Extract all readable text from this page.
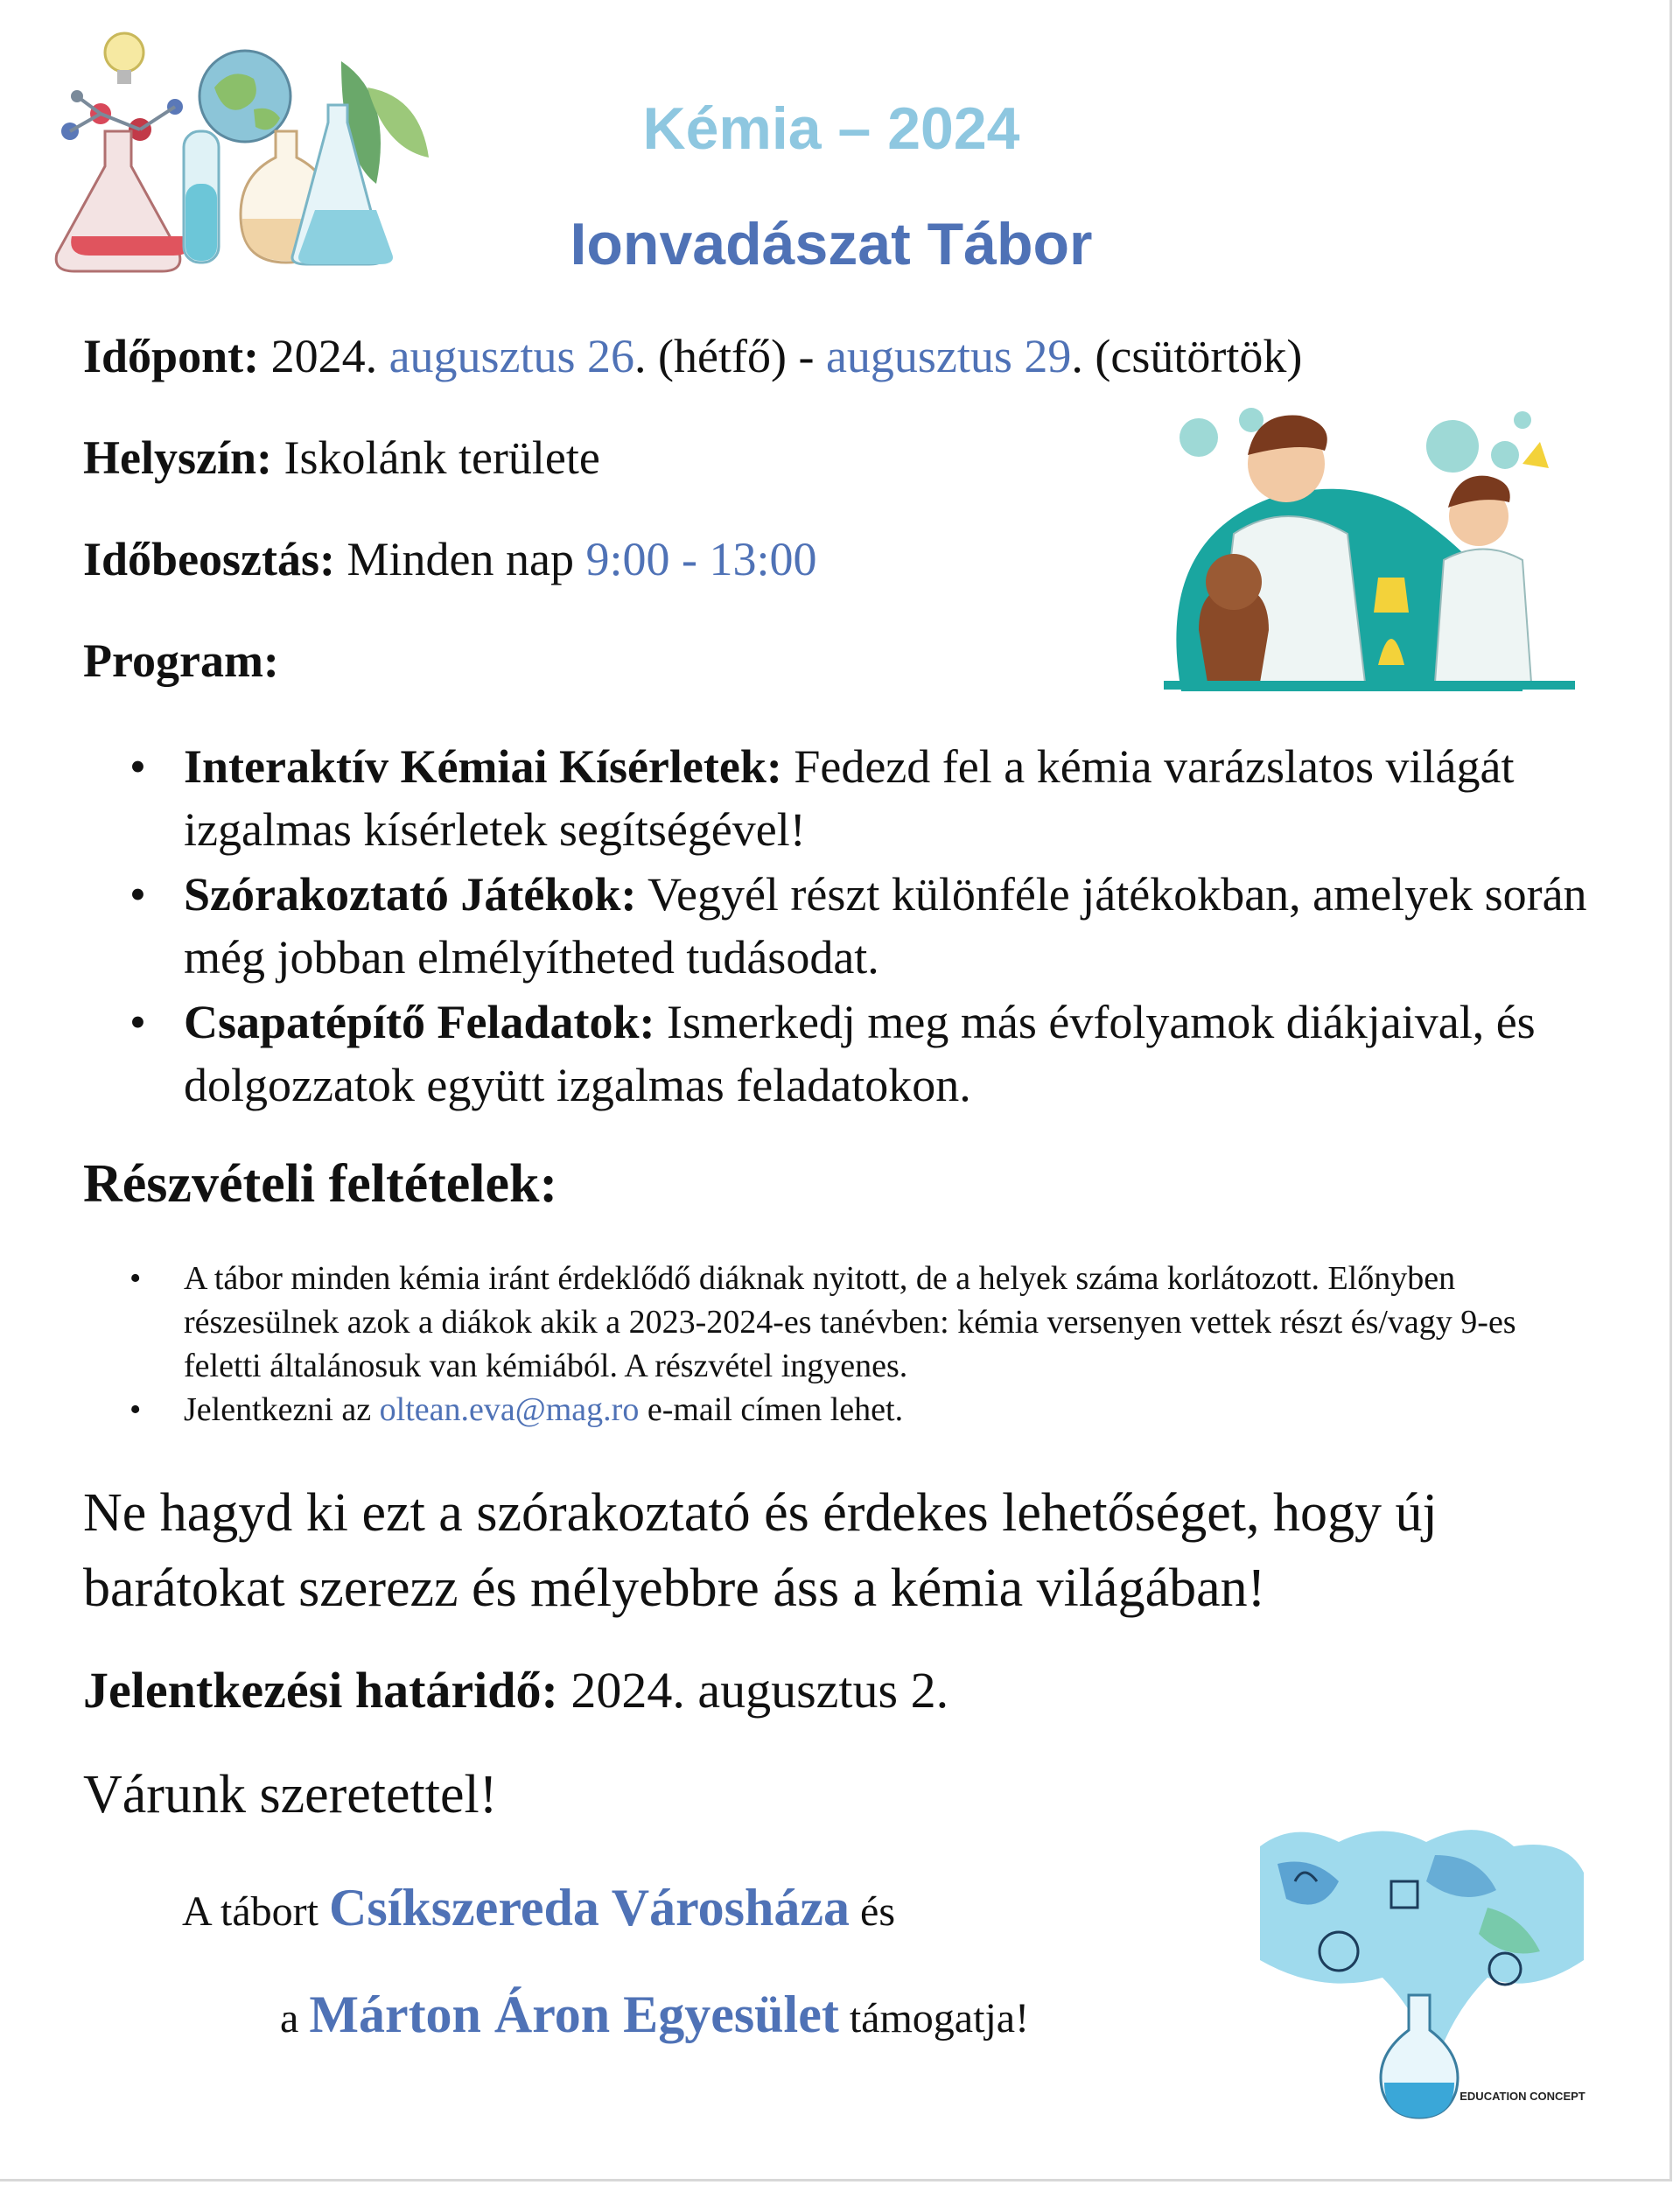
Kémia – 2024
Ionvadászat Tábor

Időpont: 2024. augusztus 26. (hétfő) - augusztus 29. (csütörtök)

Helyszín: Iskolánk területe

Időbeosztás: Minden nap 9:00 - 13:00

Program:

• Interaktív Kémiai Kísérletek: Fedezd fel a kémia varázslatos világát izgalmas kísérletek segítségével!
• Szórakoztató Játékok: Vegyél részt különféle játékokban, amelyek során még jobban elmélyítheted tudásodat.
• Csapatépítő Feladatok: Ismerkedj meg más évfolyamok diákjaival, és dolgozzatok együtt izgalmas feladatokon.
Részvételi feltételek:
• A tábor minden kémia iránt érdeklődő diáknak nyitott, de a helyek száma korlátozott. Előnyben részesülnek azok a diákok akik a 2023-2024-es tanévben: kémia versenyen vettek részt és/vagy 9-es feletti általánosuk van kémiából. A részvétel ingyenes.
• Jelentkezni az oltean.eva@mag.ro e-mail címen lehet.

Ne hagyd ki ezt a szórakoztató és érdekes lehetőséget, hogy új barátokat szerezz és mélyebbre áss a kémia világában!

Jelentkezési határidő: 2024. augusztus 2.

Várunk szeretettel!

A tábort Csíkszereda Városháza és

a Márton Áron Egyesület támogatja!

EDUCATION CONCEPT
